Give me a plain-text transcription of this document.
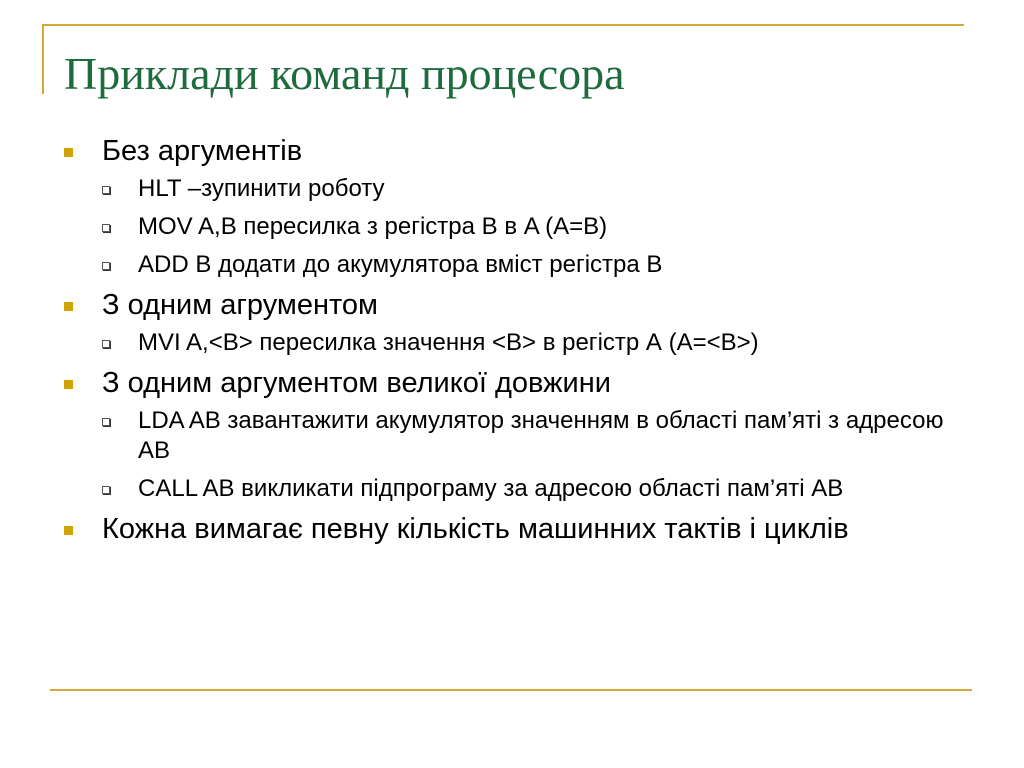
Приклади команд процесора
Без аргументів
HLT –зупинити роботу
MOV A,B пересилка з регістра B в A (A=B)
ADD B додати до акумулятора вміст регістра B
З одним агрументом
MVI A,<B> пересилка значення <B> в регістр А (A=<B>)
З одним аргументом великої довжини
LDA AB завантажити акумулятор значенням в області пам’яті з адресою AB
CALL AB викликати підпрограму за адресою області пам’яті AB
Кожна вимагає певну кількість машинних тактів і циклів
